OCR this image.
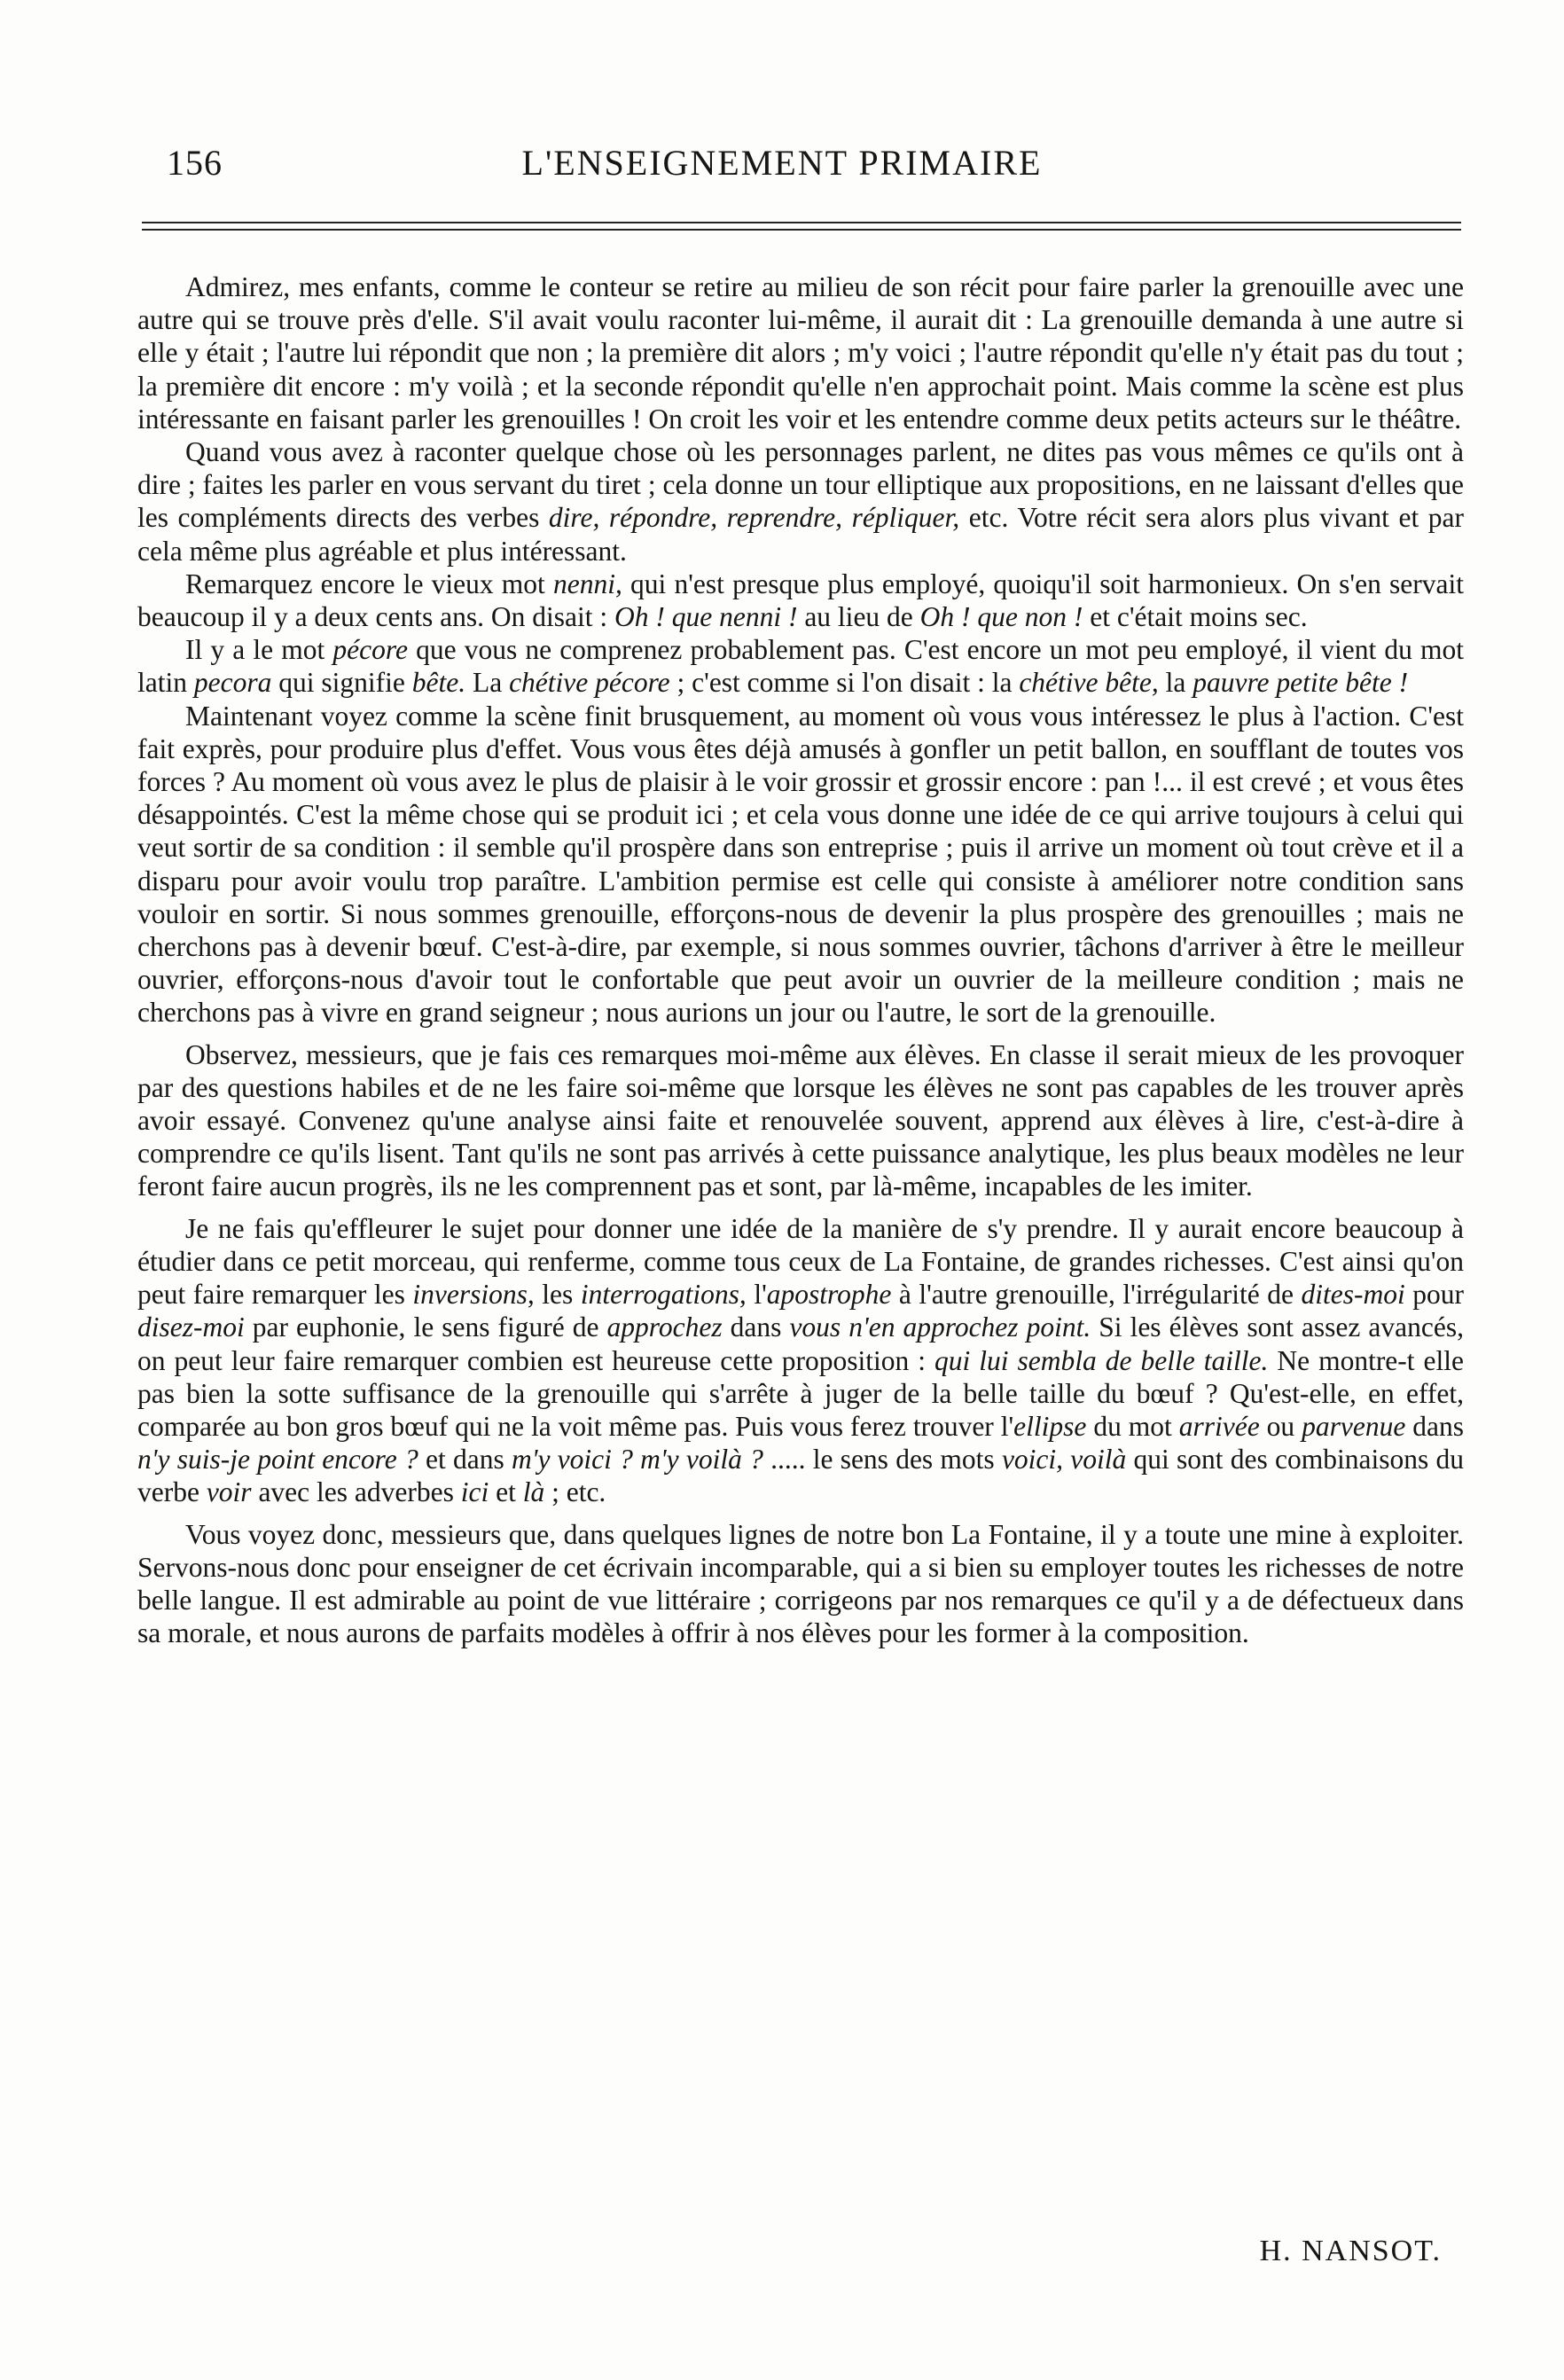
156	L'ENSEIGNEMENT PRIMAIRE

Admirez, mes enfants, comme le conteur se retire au milieu de son récit pour faire parler la grenouille avec une autre qui se trouve près d'elle. S'il avait voulu raconter lui-même, il aurait dit : La grenouille demanda à une autre si elle y était ; l'autre lui répondit que non ; la première dit alors ; m'y voici ; l'autre répondit qu'elle n'y était pas du tout ; la première dit encore : m'y voilà ; et la seconde répondit qu'elle n'en approchait point. Mais comme la scène est plus intéressante en faisant parler les grenouilles ! On croit les voir et les entendre comme deux petits acteurs sur le théâtre.

Quand vous avez à raconter quelque chose où les personnages parlent, ne dites pas vous mêmes ce qu'ils ont à dire ; faites les parler en vous servant du tiret ; cela donne un tour elliptique aux propositions, en ne laissant d'elles que les compléments directs des verbes dire, répondre, reprendre, répliquer, etc. Votre récit sera alors plus vivant et par cela même plus agréable et plus intéressant.

Remarquez encore le vieux mot nenni, qui n'est presque plus employé, quoiqu'il soit harmonieux. On s'en servait beaucoup il y a deux cents ans. On disait : Oh ! que nenni ! au lieu de Oh ! que non ! et c'était moins sec.

Il y a le mot pécore que vous ne comprenez probablement pas. C'est encore un mot peu employé, il vient du mot latin pecora qui signifie bête. La chétive pécore ; c'est comme si l'on disait : la chétive bête, la pauvre petite bête !

Maintenant voyez comme la scène finit brusquement, au moment où vous vous intéressez le plus à l'action. C'est fait exprès, pour produire plus d'effet. Vous vous êtes déjà amusés à gonfler un petit ballon, en soufflant de toutes vos forces ? Au moment où vous avez le plus de plaisir à le voir grossir et grossir encore : pan !... il est crevé ; et vous êtes désappointés. C'est la même chose qui se produit ici ; et cela vous donne une idée de ce qui arrive toujours à celui qui veut sortir de sa condition : il semble qu'il prospère dans son entreprise ; puis il arrive un moment où tout crève et il a disparu pour avoir voulu trop paraître. L'ambition permise est celle qui consiste à améliorer notre condition sans vouloir en sortir. Si nous sommes grenouille, efforçons-nous de devenir la plus prospère des grenouilles ; mais ne cherchons pas à devenir bœuf. C'est-à-dire, par exemple, si nous sommes ouvrier, tâchons d'arriver à être le meilleur ouvrier, efforçons-nous d'avoir tout le confortable que peut avoir un ouvrier de la meilleure condition ; mais ne cherchons pas à vivre en grand seigneur ; nous aurions un jour ou l'autre, le sort de la grenouille.

Observez, messieurs, que je fais ces remarques moi-même aux élèves. En classe il serait mieux de les provoquer par des questions habiles et de ne les faire soi-même que lorsque les élèves ne sont pas capables de les trouver après avoir essayé. Convenez qu'une analyse ainsi faite et renouvelée souvent, apprend aux élèves à lire, c'est-à-dire à comprendre ce qu'ils lisent. Tant qu'ils ne sont pas arrivés à cette puissance analytique, les plus beaux modèles ne leur feront faire aucun progrès, ils ne les comprennent pas et sont, par là-même, incapables de les imiter.

Je ne fais qu'effleurer le sujet pour donner une idée de la manière de s'y prendre. Il y aurait encore beaucoup à étudier dans ce petit morceau, qui renferme, comme tous ceux de La Fontaine, de grandes richesses. C'est ainsi qu'on peut faire remarquer les inversions, les interrogations, l'apostrophe à l'autre grenouille, l'irrégularité de dites-moi pour disez-moi par euphonie, le sens figuré de approchez dans vous n'en approchez point. Si les élèves sont assez avancés, on peut leur faire remarquer combien est heureuse cette proposition : qui lui sembla de belle taille. Ne montre-t elle pas bien la sotte suffisance de la grenouille qui s'arrête à juger de la belle taille du bœuf ? Qu'est-elle, en effet, comparée au bon gros bœuf qui ne la voit même pas. Puis vous ferez trouver l'ellipse du mot arrivée ou parvenue dans n'y suis-je point encore ? et dans m'y voici ? m'y voilà ? ..... le sens des mots voici, voilà qui sont des combinaisons du verbe voir avec les adverbes ici et là ; etc.

Vous voyez donc, messieurs que, dans quelques lignes de notre bon La Fontaine, il y a toute une mine à exploiter. Servons-nous donc pour enseigner de cet écrivain incomparable, qui a si bien su employer toutes les richesses de notre belle langue. Il est admirable au point de vue littéraire ; corrigeons par nos remarques ce qu'il y a de défectueux dans sa morale, et nous aurons de parfaits modèles à offrir à nos élèves pour les former à la composition.

H. NANSOT.
